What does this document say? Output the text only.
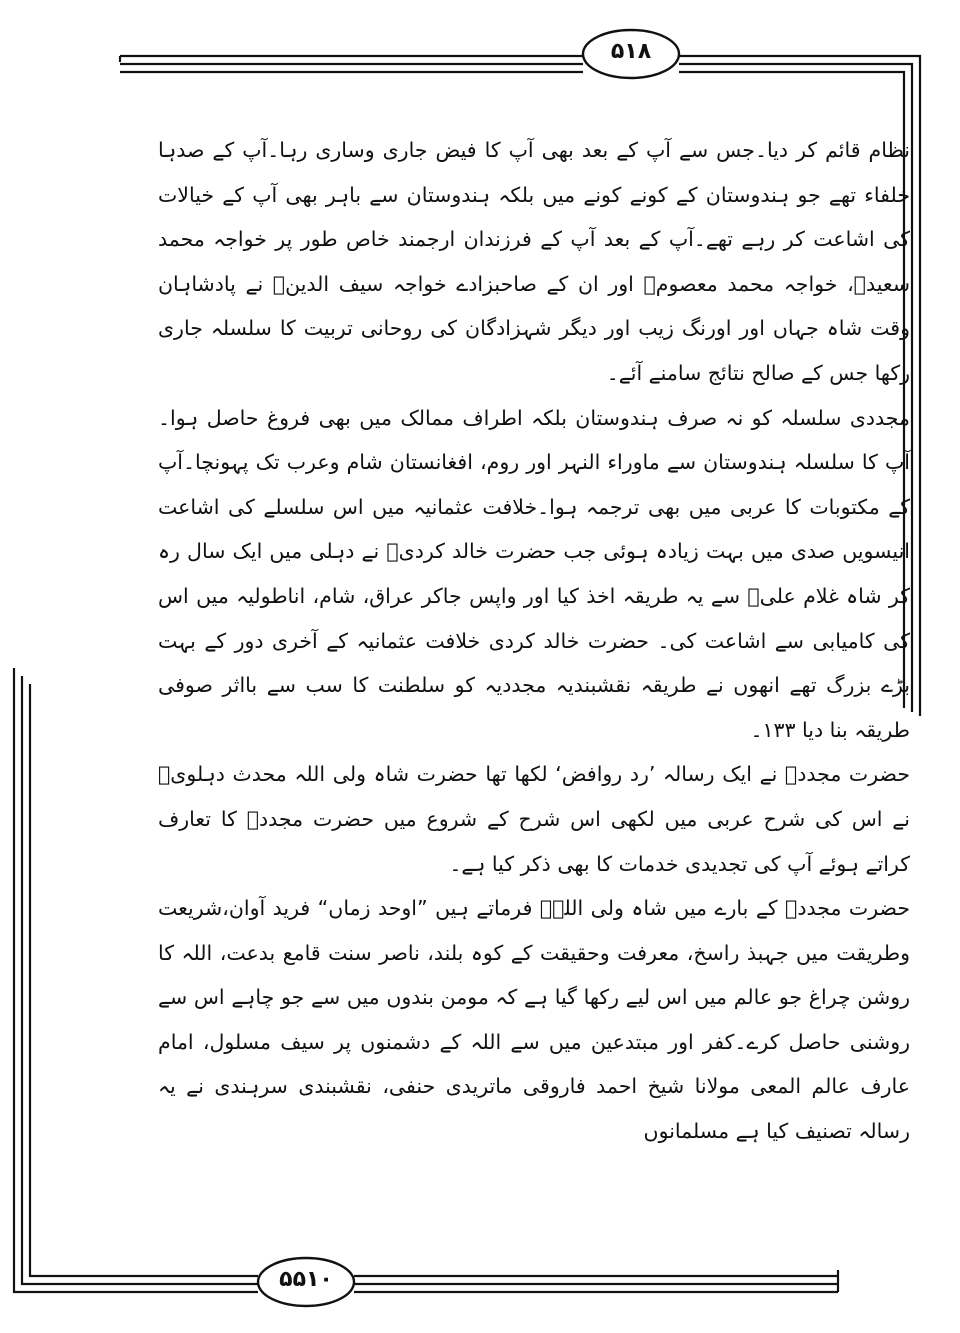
۵۱۸
۵۵۱۰

نظام قائم کر دیا۔جس سے آپ کے بعد بھی آپ کا فیض جاری وساری رہا۔آپ کے صدہا خلفاء تھے جو ہندوستان کے کونے کونے میں بلکہ ہندوستان سے باہر بھی آپ کے خیالات کی اشاعت کر رہے تھے۔آپ کے بعد آپ کے فرزندان ارجمند خاص طور پر خواجہ محمد سعیدؒ، خواجہ محمد معصومؒ اور ان کے صاحبزادے خواجہ سیف الدینؒ نے پادشاہان وقت شاہ جہاں اور اورنگ زیب اور دیگر شہزادگان کی روحانی تربیت کا سلسلہ جاری رکھا جس کے صالح نتائج سامنے آئے۔

مجددی سلسلہ کو نہ صرف ہندوستان بلکہ اطراف ممالک میں بھی فروغ حاصل ہوا۔آپ کا سلسلہ ہندوستان سے ماوراء النہر اور روم، افغانستان شام وعرب تک پہونچا۔آپ کے مکتوبات کا عربی میں بھی ترجمہ ہوا۔خلافت عثمانیہ میں اس سلسلے کی اشاعت انیسویں صدی میں بہت زیادہ ہوئی جب حضرت خالد کردیؒ نے دہلی میں ایک سال رہ کر شاہ غلام علیؒ سے یہ طریقہ اخذ کیا اور واپس جاکر عراق، شام، اناطولیہ میں اس کی کامیابی سے اشاعت کی۔ حضرت خالد کردی خلافت عثمانیہ کے آخری دور کے بہت بڑے بزرگ تھے انھوں نے طریقہ نقشبندیہ مجددیہ کو سلطنت کا سب سے بااثر صوفی طریقہ بنا دیا ۱۳۳۔

حضرت مجددؒ نے ایک رسالہ ’رد روافض‘ لکھا تھا حضرت شاہ ولی اللہ محدث دہلویؒ نے اس کی شرح عربی میں لکھی اس شرح کے شروع میں حضرت مجددؒ کا تعارف کراتے ہوئے آپ کی تجدیدی خدمات کا بھی ذکر کیا ہے۔

حضرت مجددؒ کے بارے میں شاہ ولی اللہؒ فرماتے ہیں ”اوحد زماں“ فرید آوان،شریعت وطریقت میں جہبذ راسخ، معرفت وحقیقت کے کوہ بلند، ناصر سنت قامع بدعت، اللہ کا روشن چراغ جو عالم میں اس لیے رکھا گیا ہے کہ مومن بندوں میں سے جو چاہے اس سے روشنی حاصل کرے۔کفر اور مبتدعین میں سے اللہ کے دشمنوں پر سیف مسلول، امام عارف عالم المعی مولانا شیخ احمد فاروقی ماتریدی حنفی، نقشبندی سرہندی نے یہ رسالہ تصنیف کیا ہے مسلمانوں
